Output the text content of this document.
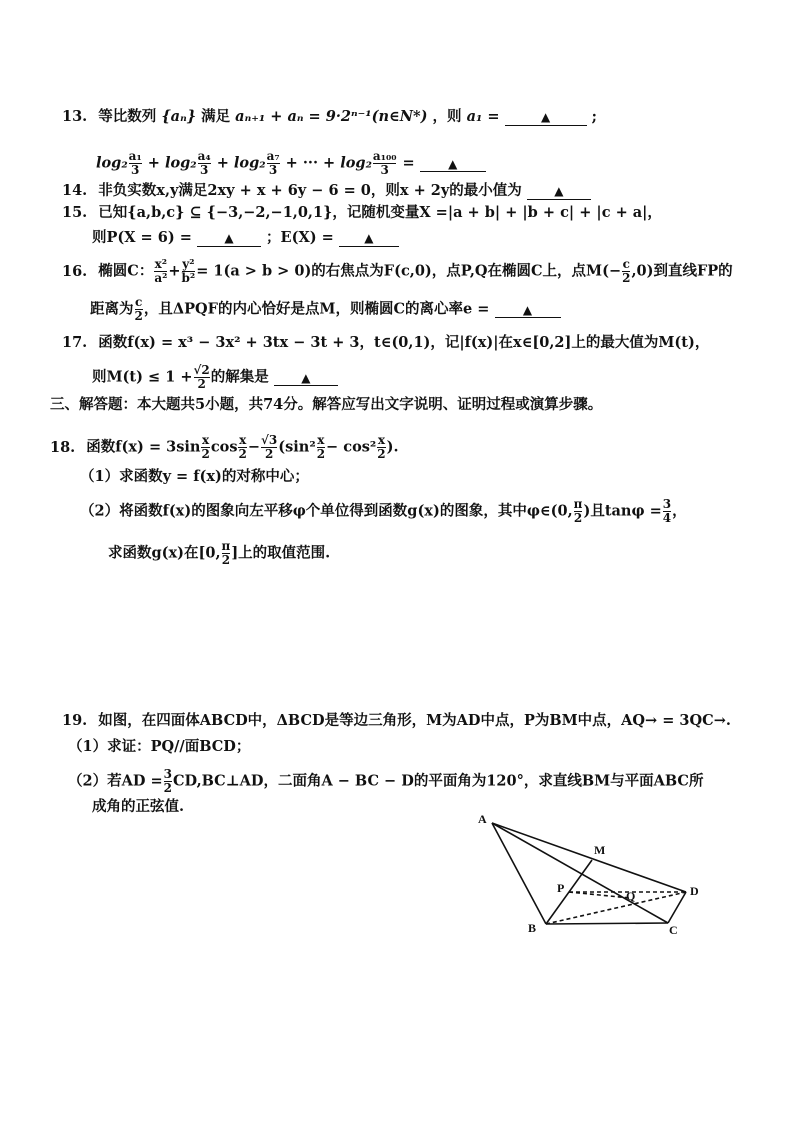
13. 等比数列 {aₙ} 满足 aₙ₊₁ + aₙ = 9·2ⁿ⁻¹(n∈N*) ，则 a₁ =	▲	;
$\log_2 \frac{\text{a₁}}{3} + \log_2 \frac{\text{a₄}}{3} + \log_2 \frac{\text{a₇}}{3}$ + ··· + $\log_2 \frac{\text{a₁₀₀}}{3}$ = ▲
14. 非负实数x,y满足2xy + x + 6y − 6 = 0，则x + 2y的最小值为	▲
15. 已知{a,b,c} ⊆ {−3,−2,−1,0,1}，记随机变量X =|a + b| + |b + c| + |c + a|，
则P(X = 6) =	▲ ；E(X) =	▲
16. 椭圆C： $\frac{\text{x²}}{\text{a²}} + \frac{\text{y²}}{\text{b²}} = 1(a > b > 0)$的右焦点为F(c,0)，点P,Q在椭圆C上，点$M(- \frac{c}{2} ,0)$到直线FP的
距离为 $\frac{c}{2}$ ，且ΔPQF的内心恰好是点M，则椭圆C的离心率e =	▲
17. 函数f(x) = x³ − 3x² + 3tx − 3t + 3，t∈(0,1)，记|f(x)|在x∈[0,2]上的最大值为M(t)，
则$M(t) \le 1 + \frac{√2}{2}$ 的解集是	▲
三、解答题：本大题共5小题，共74分。解答应写出文字说明、证明过程或演算步骤。
18. 函数$f(x) = 3\sin \frac{x}{2}$ $\cos \frac{x}{2} - \frac{√3}{2} (\sin^2 \frac{x}{2} - \cos^2 \frac{x}{2}$ ).
（1）求函数y = f(x)的对称中心；
（2）将函数f(x)的图象向左平移φ个单位得到函数g(x)的图象，其中φ∈(0, $\frac{\pi}{2}$ )且$\tan\varphi = \frac{3}{4}$ ，
求函数g(x)在[0, $\frac{\pi}{2}$ ]上的取值范围.
19. 如图，在四面体ABCD中，ΔBCD是等边三角形，M为AD中点，P为BM中点，AQ→ = 3QC→.
（1）求证：PQ//面BCD；
（2）若AD = $\frac{3}{2}$ CD,BC⊥AD，二面角A − BC − D的平面角为120°，求直线BM与平面ABC所
成角的正弦值.
A
B	C
D
M
P
Q
